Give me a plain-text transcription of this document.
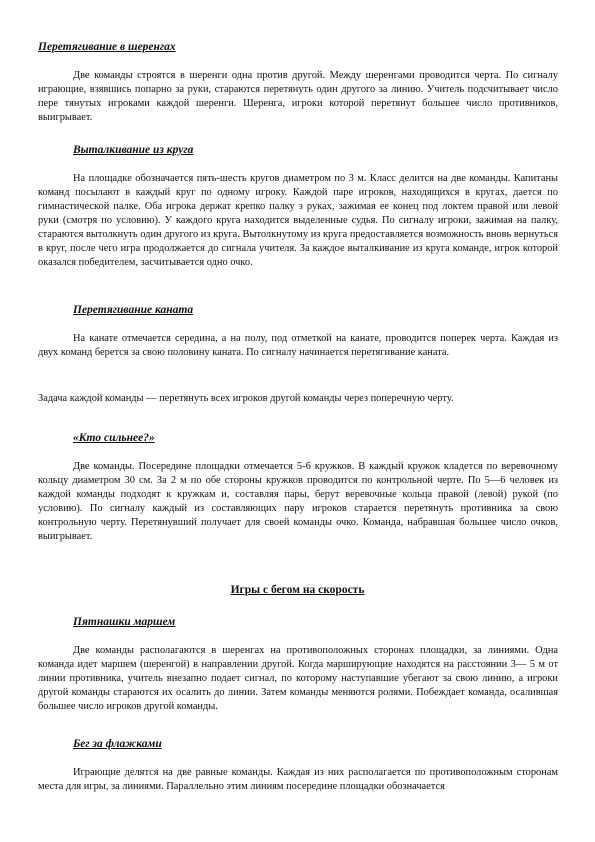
Перетягивание в шеренгах

Две команды строятся в шеренги одна против другой. Между шеренгами проводится черта. По сигналу играющие, взявшись попарно за руки, стараются перетянуть один другого за линию. Учитель подсчитывает число пере тянутых игроками каждой шеренги. Шеренга, игроки которой перетянут большее число противников, выигрывает.

Выталкивание из круга

На площадке обозначается пять-шесть кругов диаметром по 3 м. Класс делится на две команды. Капитаны команд посылают в каждый круг по одному игроку. Каждой паре игроков, находящихся в кругах, дается по гимнастической палке. Оба игрока держат крепко палку з руках, зажимая ее конец под локтем правой или левой руки (смотря по условию). У каждого круга находится выделенные судья. По сигналу игроки, зажимая на палку, стараются вытолкнуть один другого из круга. Вытолкнутому из круга предоставляется возможность вновь вернуться в круг, после чего игра продолжается до сигнала учителя. За каждое выталкивание из круга команде, игрок которой оказался победителем, засчитывается одно очко.

Перетягивание каната

На канате отмечается середина, а на полу, под отметкой на канате, проводится поперек черта. Каждая из двух команд берется за свою половину каната. По сигналу начинается перетягивание каната.

Задача каждой команды — перетянуть всех игроков другой команды через поперечную черту.

«Кто сильнее?»

Две команды. Посередине площадки отмечается 5-6 кружков. В каждый кружок кладется по веревочному кольцу диаметром 30 см. За 2 м по обе стороны кружков проводится по контрольной черте. По 5—6 человек из каждой команды подходят к кружкам и, составляя пары, берут веревочные кольца правой (левой) рукой (по условию). По сигналу каждый из составляющих пару игроков старается перетянуть противника за свою контрольную черту. Перетянувший получает для своей команды очко. Команда, набравшая большее число очков, выигрывает.

Игры с бегом на скорость
Пятнашки маршем

Две команды располагаются в шеренгах на противоположных сторонах площадки, за линиями. Одна команда идет маршем (шеренгой) в направлении другой. Когда марширующие находятся на расстоянии 3— 5 м от линии противника, учитель внезапно подает сигнал, по которому наступавшие убегают за свою линию, а игроки другой команды стараются их осалить до линии. Затем команды меняются ролями. Побеждает команда, осалившая большее число игроков другой команды.

Бег за флажками

Играющие делятся на две равные команды. Каждая из них располагается по противоположным сторонам места для игры, за линиями. Параллельно этим линиям посередине площадки обозначается
